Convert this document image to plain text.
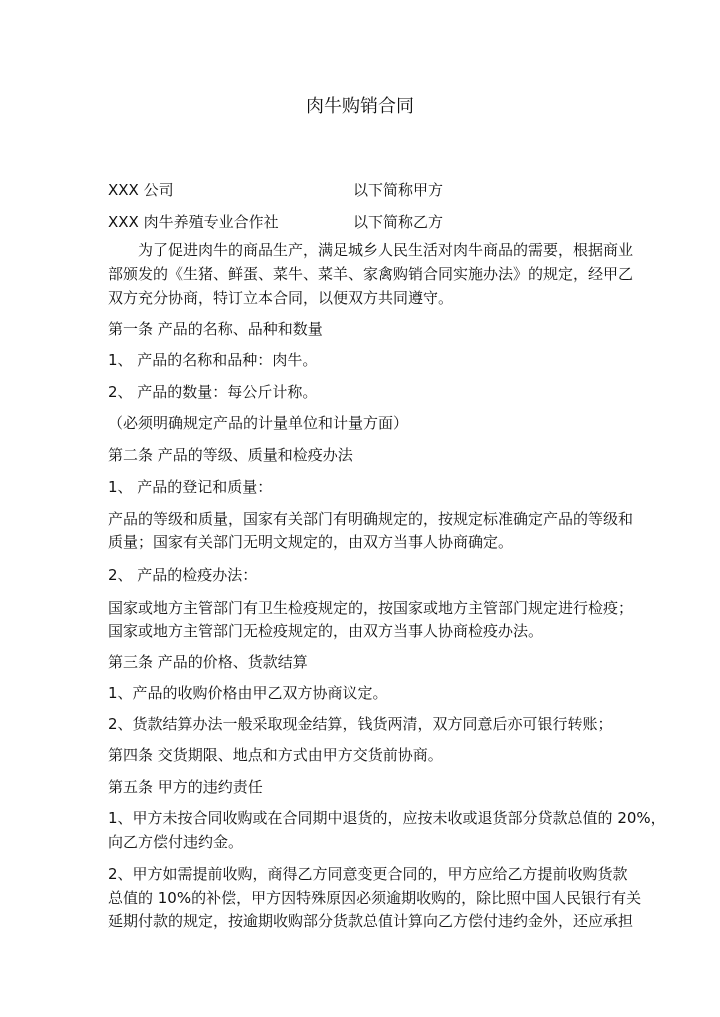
肉牛购销合同
XXX 公司	以下简称甲方
XXX 肉牛养殖专业合作社	以下简称乙方
　　为了促进肉牛的商品生产，满足城乡人民生活对肉牛商品的需要，根据商业
部颁发的《生猪、鲜蛋、菜牛、菜羊、家禽购销合同实施办法》的规定，经甲乙
双方充分协商，特订立本合同，以便双方共同遵守。
第一条 产品的名称、品种和数量
1、 产品的名称和品种：肉牛。
2、 产品的数量：每公斤计称。
（必须明确规定产品的计量单位和计量方面）
第二条 产品的等级、质量和检疫办法
1、 产品的登记和质量：
产品的等级和质量，国家有关部门有明确规定的，按规定标准确定产品的等级和
质量；国家有关部门无明文规定的，由双方当事人协商确定。
2、 产品的检疫办法：
国家或地方主管部门有卫生检疫规定的，按国家或地方主管部门规定进行检疫；
国家或地方主管部门无检疫规定的，由双方当事人协商检疫办法。
第三条 产品的价格、货款结算
1、产品的收购价格由甲乙双方协商议定。
2、货款结算办法一般采取现金结算，钱货两清，双方同意后亦可银行转账；
第四条 交货期限、地点和方式由甲方交货前协商。
第五条 甲方的违约责任
1、甲方未按合同收购或在合同期中退货的，应按未收或退货部分贷款总值的 20%，
向乙方偿付违约金。
2、甲方如需提前收购，商得乙方同意变更合同的，甲方应给乙方提前收购货款
总值的 10%的补偿，甲方因特殊原因必须逾期收购的，除比照中国人民银行有关
延期付款的规定，按逾期收购部分货款总值计算向乙方偿付违约金外，还应承担
